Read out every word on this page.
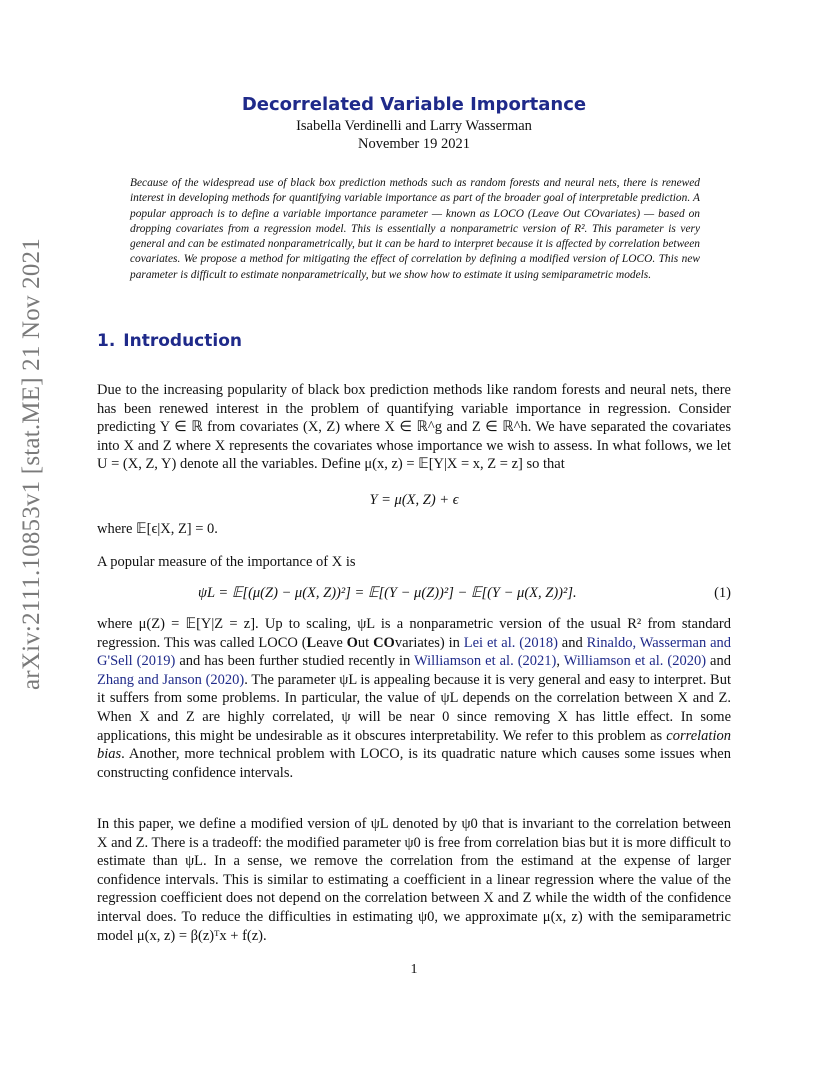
arXiv:2111.10853v1 [stat.ME] 21 Nov 2021
Decorrelated Variable Importance
Isabella Verdinelli and Larry Wasserman
November 19 2021
Because of the widespread use of black box prediction methods such as random forests and neural nets, there is renewed interest in developing methods for quantifying variable importance as part of the broader goal of interpretable prediction. A popular approach is to define a variable importance parameter — known as LOCO (Leave Out COvariates) — based on dropping covariates from a regression model. This is essentially a nonparametric version of R². This parameter is very general and can be estimated nonparametrically, but it can be hard to interpret because it is affected by correlation between covariates. We propose a method for mitigating the effect of correlation by defining a modified version of LOCO. This new parameter is difficult to estimate nonparametrically, but we show how to estimate it using semiparametric models.
1. Introduction
Due to the increasing popularity of black box prediction methods like random forests and neural nets, there has been renewed interest in the problem of quantifying variable importance in regression. Consider predicting Y ∈ ℝ from covariates (X, Z) where X ∈ ℝ^g and Z ∈ ℝ^h. We have separated the covariates into X and Z where X represents the covariates whose importance we wish to assess. In what follows, we let U = (X, Z, Y) denote all the variables. Define μ(x, z) = 𝔼[Y|X = x, Z = z] so that
Y = μ(X, Z) + ϵ
where 𝔼[ϵ|X, Z] = 0.
A popular measure of the importance of X is
ψL = 𝔼[(μ(Z) − μ(X, Z))²] = 𝔼[(Y − μ(Z))²] − 𝔼[(Y − μ(X, Z))²].	(1)
where μ(Z) = 𝔼[Y|Z = z]. Up to scaling, ψL is a nonparametric version of the usual R² from standard regression. This was called LOCO (Leave Out COvariates) in Lei et al. (2018) and Rinaldo, Wasserman and G'Sell (2019) and has been further studied recently in Williamson et al. (2021), Williamson et al. (2020) and Zhang and Janson (2020). The parameter ψL is appealing because it is very general and easy to interpret. But it suffers from some problems. In particular, the value of ψL depends on the correlation between X and Z. When X and Z are highly correlated, ψ will be near 0 since removing X has little effect. In some applications, this might be undesirable as it obscures interpretability. We refer to this problem as correlation bias. Another, more technical problem with LOCO, is its quadratic nature which causes some issues when constructing confidence intervals.
In this paper, we define a modified version of ψL denoted by ψ0 that is invariant to the correlation between X and Z. There is a tradeoff: the modified parameter ψ0 is free from correlation bias but it is more difficult to estimate than ψL. In a sense, we remove the correlation from the estimand at the expense of larger confidence intervals. This is similar to estimating a coefficient in a linear regression where the value of the regression coefficient does not depend on the correlation between X and Z while the width of the confidence interval does. To reduce the difficulties in estimating ψ0, we approximate μ(x, z) with the semiparametric model μ(x, z) = β(z)ᵀx + f(z).
1
